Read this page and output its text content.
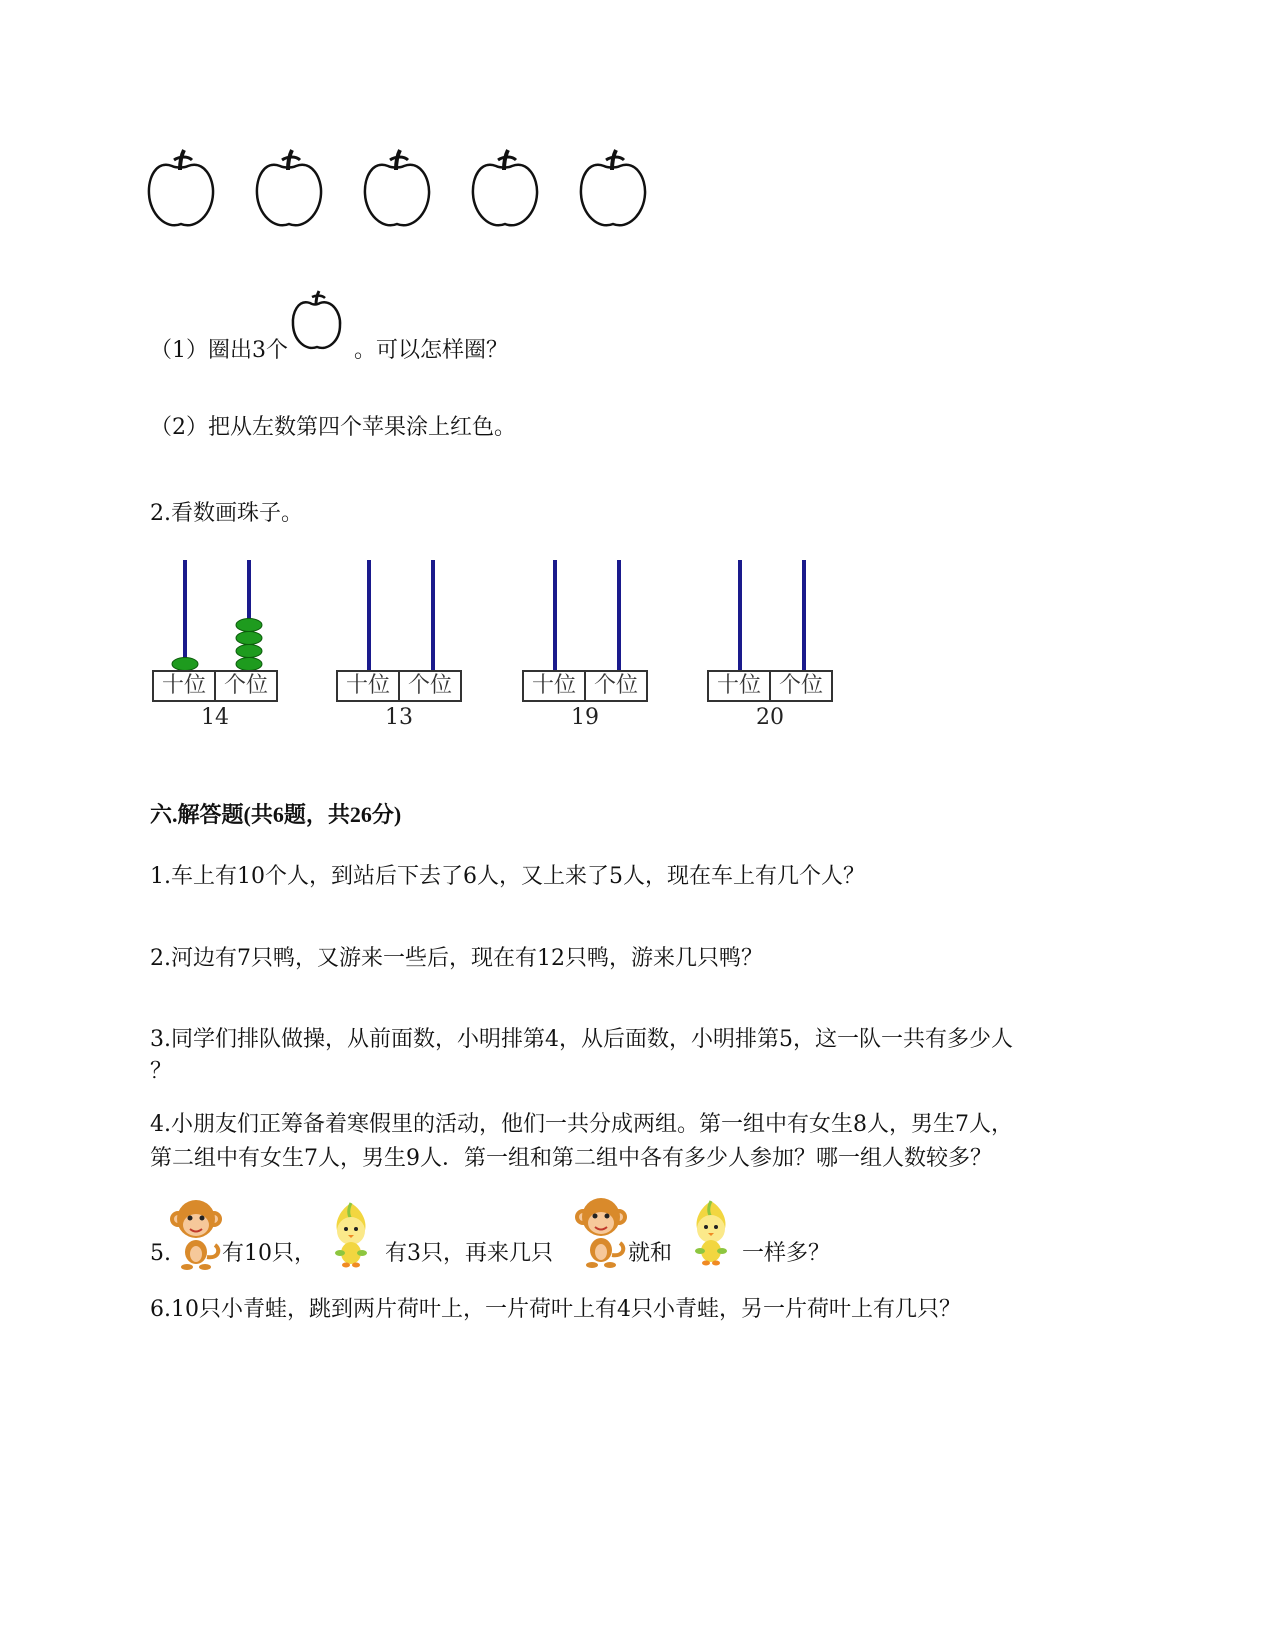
（1）圈出3个	。可以怎样圈？
（2）把从左数第四个苹果涂上红色。
2.看数画珠子。
十位 个位
14
十位 个位
13
十位 个位
19
十位 个位
20
六.解答题(共6题，共26分)
1.车上有10个人，到站后下去了6人，又上来了5人，现在车上有几个人？
2.河边有7只鸭，又游来一些后，现在有12只鸭，游来几只鸭？
3.同学们排队做操，从前面数，小明排第4，从后面数，小明排第5，这一队一共有多少人
？
4.小朋友们正筹备着寒假里的活动，他们一共分成两组。第一组中有女生8人，男生7人，
第二组中有女生7人，男生9人．第一组和第二组中各有多少人参加？哪一组人数较多？
5. 有10只，	有3只，再来几只	就和	一样多？
6.10只小青蛙，跳到两片荷叶上，一片荷叶上有4只小青蛙，另一片荷叶上有几只？
